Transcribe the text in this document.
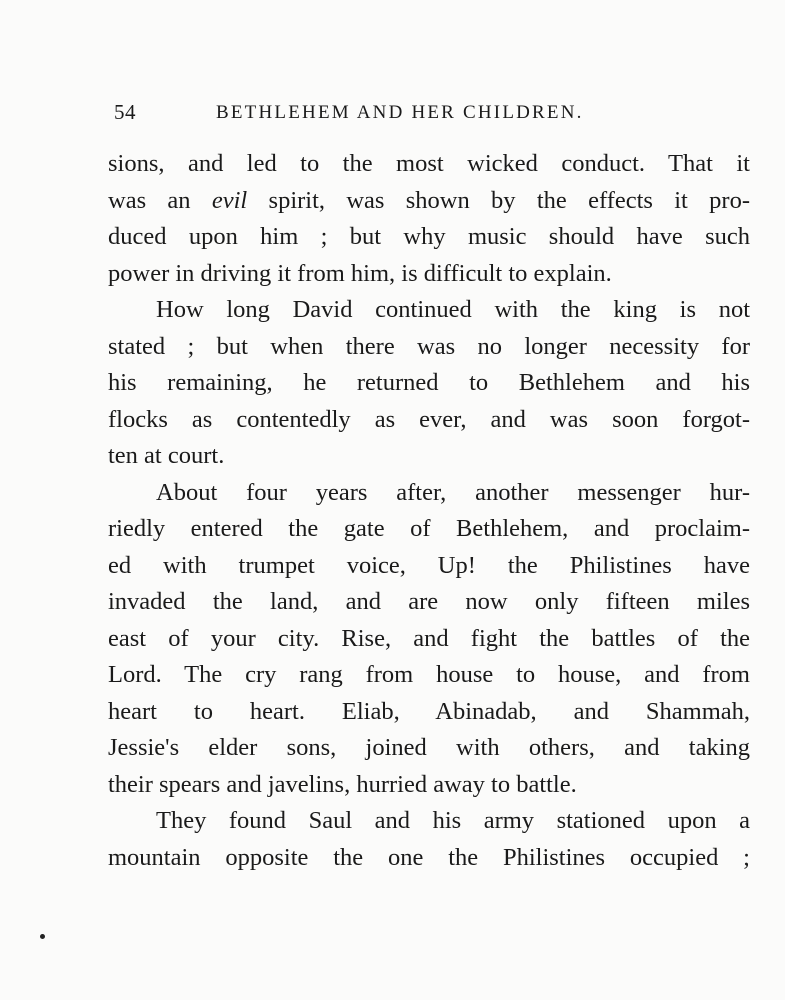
54	BETHLEHEM AND HER CHILDREN.
sions, and led to the most wicked conduct. That it
was an evil spirit, was shown by the effects it pro-
duced upon him ; but why music should have such
power in driving it from him, is difficult to explain.
How long David continued with the king is not
stated ; but when there was no longer necessity for
his remaining, he returned to Bethlehem and his
flocks as contentedly as ever, and was soon forgot-
ten at court.
About four years after, another messenger hur-
riedly entered the gate of Bethlehem, and proclaim-
ed with trumpet voice, Up! the Philistines have
invaded the land, and are now only fifteen miles
east of your city. Rise, and fight the battles of the
Lord. The cry rang from house to house, and from
heart to heart. Eliab, Abinadab, and Shammah,
Jessie's elder sons, joined with others, and taking
their spears and javelins, hurried away to battle.
They found Saul and his army stationed upon a
mountain opposite the one the Philistines occupied ;
